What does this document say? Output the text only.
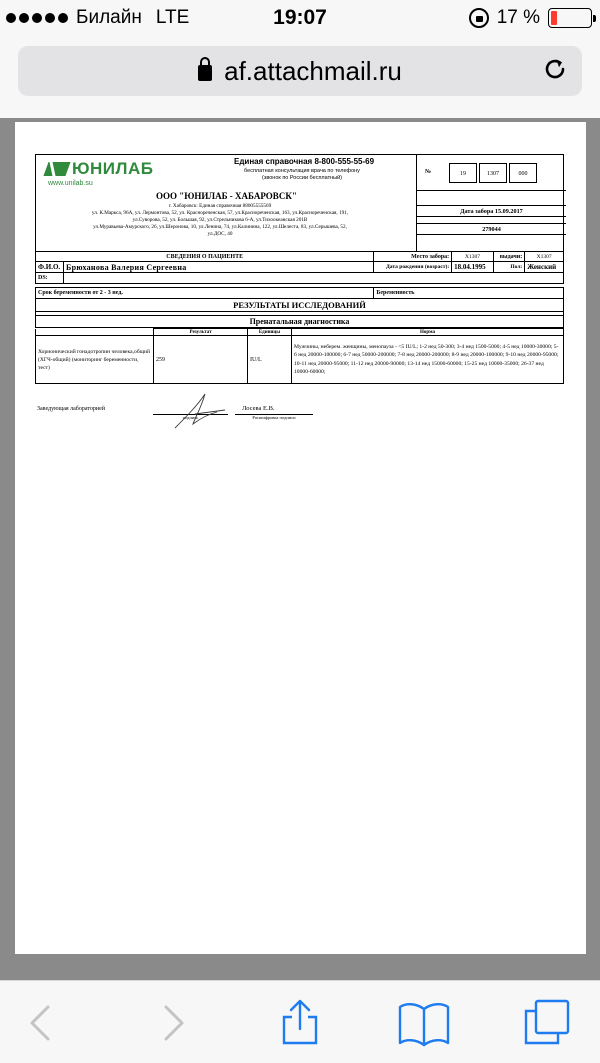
Билайн LTE	19:07	17 %
af.attachmail.ru
ЮНИЛАБ
www.unilab.su
Единая справочная 8-800-555-55-69
бесплатная консультация врача по телефону
(звонок по России бесплатный)
ООО "ЮНИЛАБ - ХАБАРОВСК"
г. Хабаровск: Единая справочная 88005555569
ул. К.Маркса, 96А, ул. Лермонтова, 52, ул. Краснореченская, 57, ул.Краснореченская, 163, ул.Краснореченская, 191,
ул.Суворова, 52, ул. Большая, 92, ул.Стрельникова 6-А, ул.Тихоокеанская 201В
ул.Муравьева-Амурского, 26, ул.Шеронова, 10, ул.Ленина, 74, ул.Калинина, 122, ул.Шелеста, 83, ул.Серышева, 52,
ул.ДОС, 40
№	19	1307	000
Дата забора 15.09.2017
279044
СВЕДЕНИЯ О ПАЦИЕНТЕ		Место забора:	Х1307	выдачи:	Х1307
Ф.И.О.	Брюханова Валерия Сергеевна	Дата рождения (возраст):	18.04.1995	Пол:	Женский
DS:					

Срок беременности от 2 - 3 нед.		Беременность			
РЕЗУЛЬТАТЫ ИССЛЕДОВАНИЙ					

Пренатальная диагностика					
	Результат	Единицы	Норма
Хорионический гонадотропин человека,общий (ХГЧ-общий) (мониторинг беременности, тест)	259	IU/L	Мужчины, неберем. женщины, менопауза - <5 IU/L; 1-2 нед 50-300; 3-4 нед 1500-5000; 4-5 нед 10000-30000; 5-6 нед 20000-100000; 6-7 нед 50000-200000; 7-8 нед 20000-200000; 8-9 нед 20000-100000; 9-10 нед 20000-95000; 10-11 нед 20000-95000; 11-12 нед 20000-90000; 13-14 нед 15000-60000; 15-25 нед 10000-35000; 26-37 нед 10000-60000;
Заведующая лабораторией
подпись
Лосева Е.В.
Расшифровка подписи
